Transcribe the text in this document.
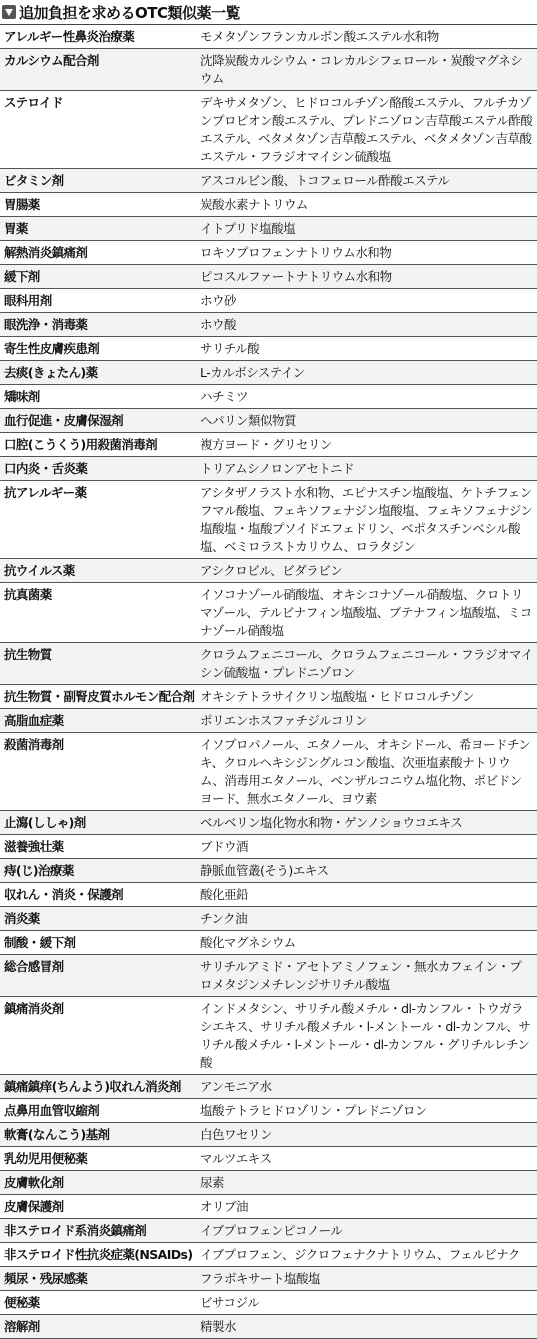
追加負担を求めるOTC類似薬一覧
アレルギー性鼻炎治療薬	モメタゾンフランカルボン酸エステル水和物
カルシウム配合剤	沈降炭酸カルシウム・コレカルシフェロール・炭酸マグネシウム
ステロイド	デキサメタゾン、ヒドロコルチゾン酪酸エステル、フルチカゾンプロピオン酸エステル、プレドニゾロン吉草酸エステル酢酸エステル、ベタメタゾン吉草酸エステル、ベタメタゾン吉草酸エステル・フラジオマイシン硫酸塩
ビタミン剤	アスコルビン酸、トコフェロール酢酸エステル
胃腸薬	炭酸水素ナトリウム
胃薬	イトプリド塩酸塩
解熱消炎鎮痛剤	ロキソプロフェンナトリウム水和物
緩下剤	ピコスルファートナトリウム水和物
眼科用剤	ホウ砂
眼洗浄・消毒薬	ホウ酸
寄生性皮膚疾患剤	サリチル酸
去痰(きょたん)薬	L-カルボシステイン
矯味剤	ハチミツ
血行促進・皮膚保湿剤	ヘパリン類似物質
口腔(こうくう)用殺菌消毒剤	複方ヨード・グリセリン
口内炎・舌炎薬	トリアムシノロンアセトニド
抗アレルギー薬	アシタザノラスト水和物、エピナスチン塩酸塩、ケトチフェンフマル酸塩、フェキソフェナジン塩酸塩、フェキソフェナジン塩酸塩・塩酸プソイドエフェドリン、ベポタスチンベシル酸塩、ベミロラストカリウム、ロラタジン
抗ウイルス薬	アシクロビル、ビダラビン
抗真菌薬	イソコナゾール硝酸塩、オキシコナゾール硝酸塩、クロトリマゾール、テルビナフィン塩酸塩、ブテナフィン塩酸塩、ミコナゾール硝酸塩
抗生物質	クロラムフェニコール、クロラムフェニコール・フラジオマイシン硫酸塩・プレドニゾロン
抗生物質・副腎皮質ホルモン配合剤 オキシテトラサイクリン塩酸塩・ヒドロコルチゾン
高脂血症薬	ポリエンホスファチジルコリン
殺菌消毒剤	イソプロパノール、エタノール、オキシドール、希ヨードチンキ、クロルヘキシジングルコン酸塩、次亜塩素酸ナトリウム、消毒用エタノール、ベンザルコニウム塩化物、ポビドンヨード、無水エタノール、ヨウ素
止瀉(ししゃ)剤	ベルベリン塩化物水和物・ゲンノショウコエキス
滋養強壮薬	ブドウ酒
痔(じ)治療薬	静脈血管叢(そう)エキス
収れん・消炎・保護剤	酸化亜鉛
消炎薬	チンク油
制酸・緩下剤	酸化マグネシウム
総合感冒剤	サリチルアミド・アセトアミノフェン・無水カフェイン・プロメタジンメチレンジサリチル酸塩
鎮痛消炎剤	インドメタシン、サリチル酸メチル・dl-カンフル・トウガラシエキス、サリチル酸メチル・l-メントール・dl-カンフル、サリチル酸メチル・l-メントール・dl-カンフル・グリチルレチン酸
鎮痛鎮痒(ちんよう)収れん消炎剤	アンモニア水
点鼻用血管収縮剤	塩酸テトラヒドロゾリン・プレドニゾロン
軟膏(なんこう)基剤	白色ワセリン
乳幼児用便秘薬	マルツエキス
皮膚軟化剤	尿素
皮膚保護剤	オリブ油
非ステロイド系消炎鎮痛剤	イブプロフェンピコノール
非ステロイド性抗炎症薬(NSAIDs) イブプロフェン、ジクロフェナクナトリウム、フェルビナク
頻尿・残尿感薬	フラボキサート塩酸塩
便秘薬	ビサコジル
溶解剤	精製水
